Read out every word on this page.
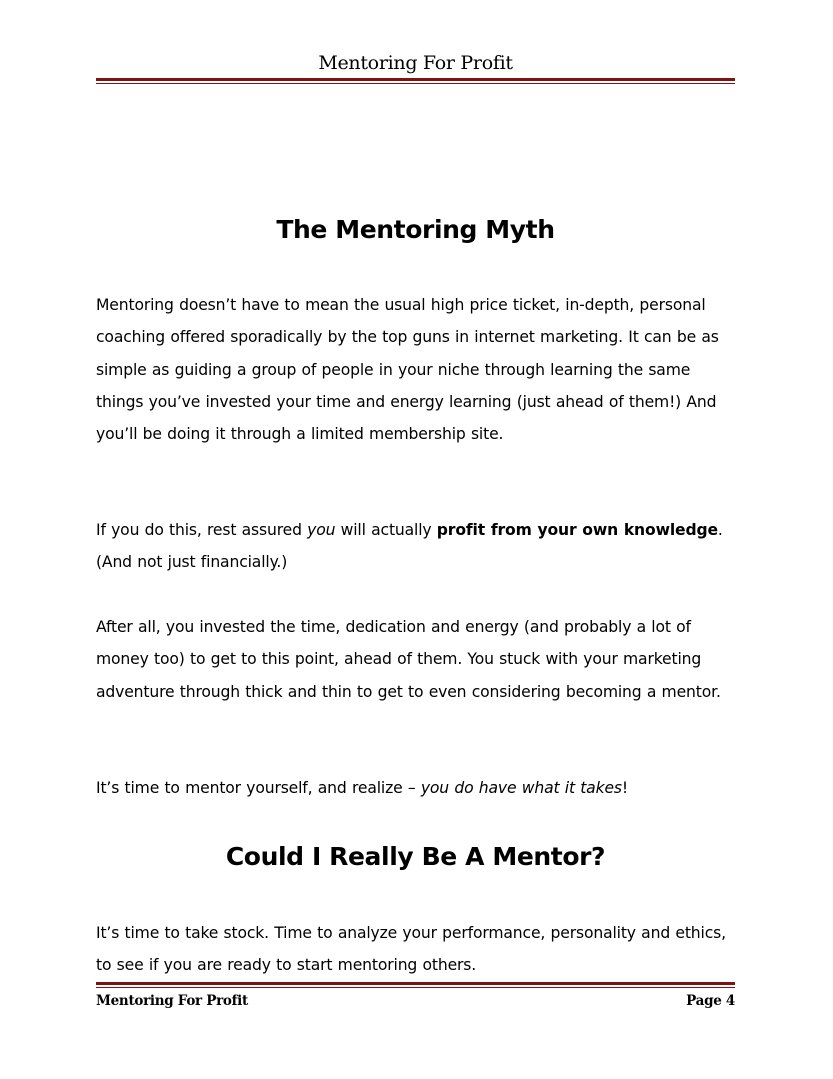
Mentoring For Profit
The Mentoring Myth

Mentoring doesn’t have to mean the usual high price ticket, in-depth, personal coaching offered sporadically by the top guns in internet marketing. It can be as simple as guiding a group of people in your niche through learning the same things you’ve invested your time and energy learning (just ahead of them!) And you’ll be doing it through a limited membership site.

If you do this, rest assured you will actually profit from your own knowledge. (And not just financially.)

After all, you invested the time, dedication and energy (and probably a lot of money too) to get to this point, ahead of them. You stuck with your marketing adventure through thick and thin to get to even considering becoming a mentor.

It’s time to mentor yourself, and realize – you do have what it takes!

Could I Really Be A Mentor?

It’s time to take stock. Time to analyze your performance, personality and ethics, to see if you are ready to start mentoring others.

Mentoring For Profit	Page 4
